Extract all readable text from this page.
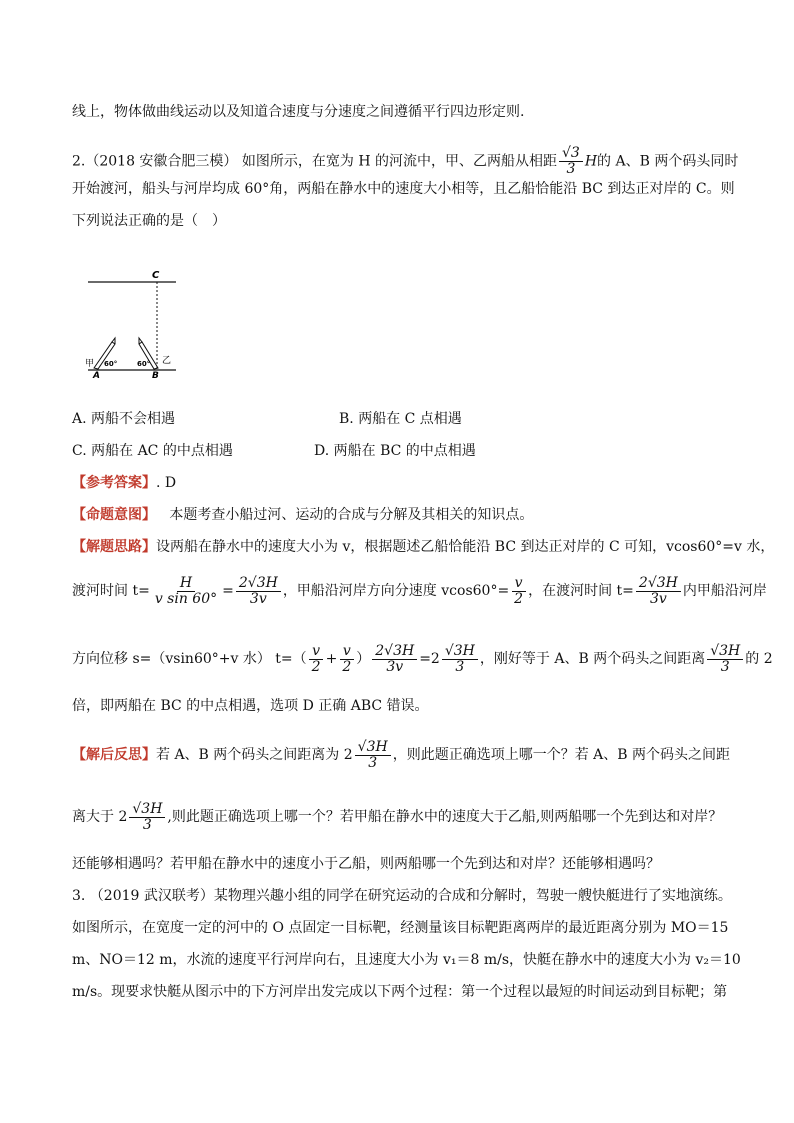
线上，物体做曲线运动以及知道合速度与分速度之间遵循平行四边形定则.
2.（2018 安徽合肥三模） 如图所示，在宽为 H 的河流中，甲、乙两船从相距 $\frac{√3}{3}$ H的 A、B 两个码头同时
开始渡河，船头与河岸均成 60°角，两船在静水中的速度大小相等，且乙船恰能沿 BC 到达正对岸的 C。则
下列说法正确的是（　）
C
甲 60°
A
60° 乙
B
A. 两船不会相遇	B. 两船在 C 点相遇
C. 两船在 AC 的中点相遇	D. 两船在 BC 的中点相遇
【参考答案】. D
【命题意图】 本题考查小船过河、运动的合成与分解及其相关的知识点。
【解题思路】设两船在静水中的速度大小为 v，根据题述乙船恰能沿 BC 到达正对岸的 C 可知，vcos60°=v 水，
渡河时间 $t= \frac{H}{\text{v sin 60°}} = \frac{2√3H}{3v}$ ，甲船沿河岸方向分速度 $vcos60^\circ= \frac{v}{2}$ ，在渡河时间 $t= \frac{2√3H}{3v}$ 内甲船沿河岸
方向位移 s=（vsin60°+v 水） $t=( \frac{v}{2} + \frac{v}{2}$ ） $\frac{2√3H}{3v} =2 \frac{√3H}{3}$ ，刚好等于 A、B 两个码头之间距离 $\frac{√3H}{3}$ 的 2
倍，即两船在 BC 的中点相遇，选项 D 正确 ABC 错误。
【解后反思】若 A、B 两个码头之间距离为 $2 \frac{√3H}{3}$ ，则此题正确选项上哪一个？若 A、B 两个码头之间距
离大于 $2 \frac{√3H}{3}$ ,则此题正确选项上哪一个？若甲船在静水中的速度大于乙船,则两船哪一个先到达和对岸？
还能够相遇吗？若甲船在静水中的速度小于乙船，则两船哪一个先到达和对岸？还能够相遇吗？
3. （2019 武汉联考）某物理兴趣小组的同学在研究运动的合成和分解时，驾驶一艘快艇进行了实地演练。
如图所示，在宽度一定的河中的 O 点固定一目标靶，经测量该目标靶距离两岸的最近距离分别为 MO＝15
m、NO＝12 m，水流的速度平行河岸向右，且速度大小为 v₁＝8 m/s，快艇在静水中的速度大小为 v₂＝10
m/s。现要求快艇从图示中的下方河岸出发完成以下两个过程：第一个过程以最短的时间运动到目标靶；第
